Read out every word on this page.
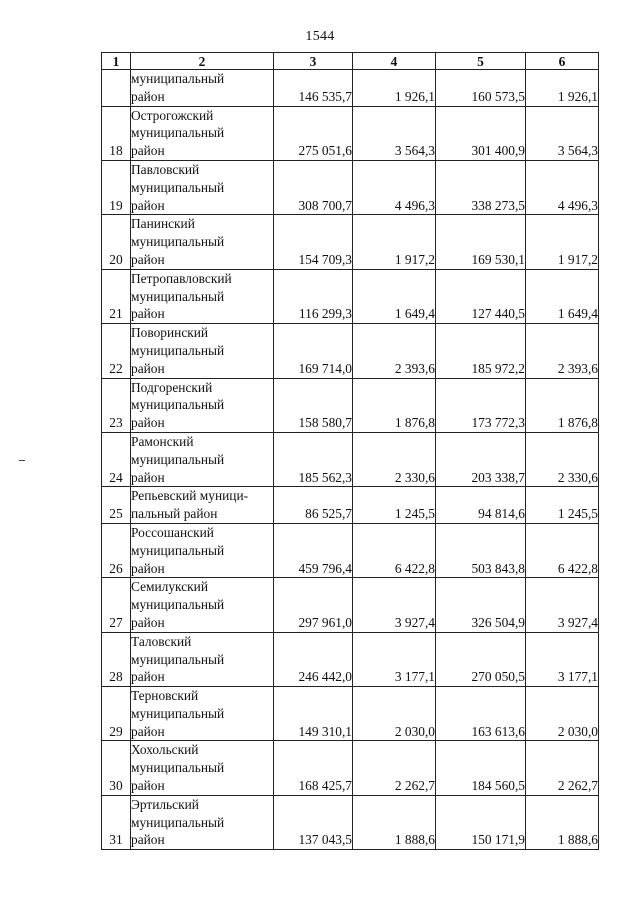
1544
1	2	3	4	5	6
	муниципальный
район	146 535,7	1 926,1	160 573,5	1 926,1
18	Острогожский
муниципальный
район	275 051,6	3 564,3	301 400,9	3 564,3
19	Павловский
муниципальный
район	308 700,7	4 496,3	338 273,5	4 496,3
20	Панинский
муниципальный
район	154 709,3	1 917,2	169 530,1	1 917,2
21	Петропавловский
муниципальный
район	116 299,3	1 649,4	127 440,5	1 649,4
22	Поворинский
муниципальный
район	169 714,0	2 393,6	185 972,2	2 393,6
23	Подгоренский
муниципальный
район	158 580,7	1 876,8	173 772,3	1 876,8
24	Рамонский
муниципальный
район	185 562,3	2 330,6	203 338,7	2 330,6
25	Репьевский муници-
пальный район	86 525,7	1 245,5	94 814,6	1 245,5
26	Россошанский
муниципальный
район	459 796,4	6 422,8	503 843,8	6 422,8
27	Семилукский
муниципальный
район	297 961,0	3 927,4	326 504,9	3 927,4
28	Таловский
муниципальный
район	246 442,0	3 177,1	270 050,5	3 177,1
29	Терновский
муниципальный
район	149 310,1	2 030,0	163 613,6	2 030,0
30	Хохольский
муниципальный
район	168 425,7	2 262,7	184 560,5	2 262,7
31	Эртильский
муниципальный
район	137 043,5	1 888,6	150 171,9	1 888,6
